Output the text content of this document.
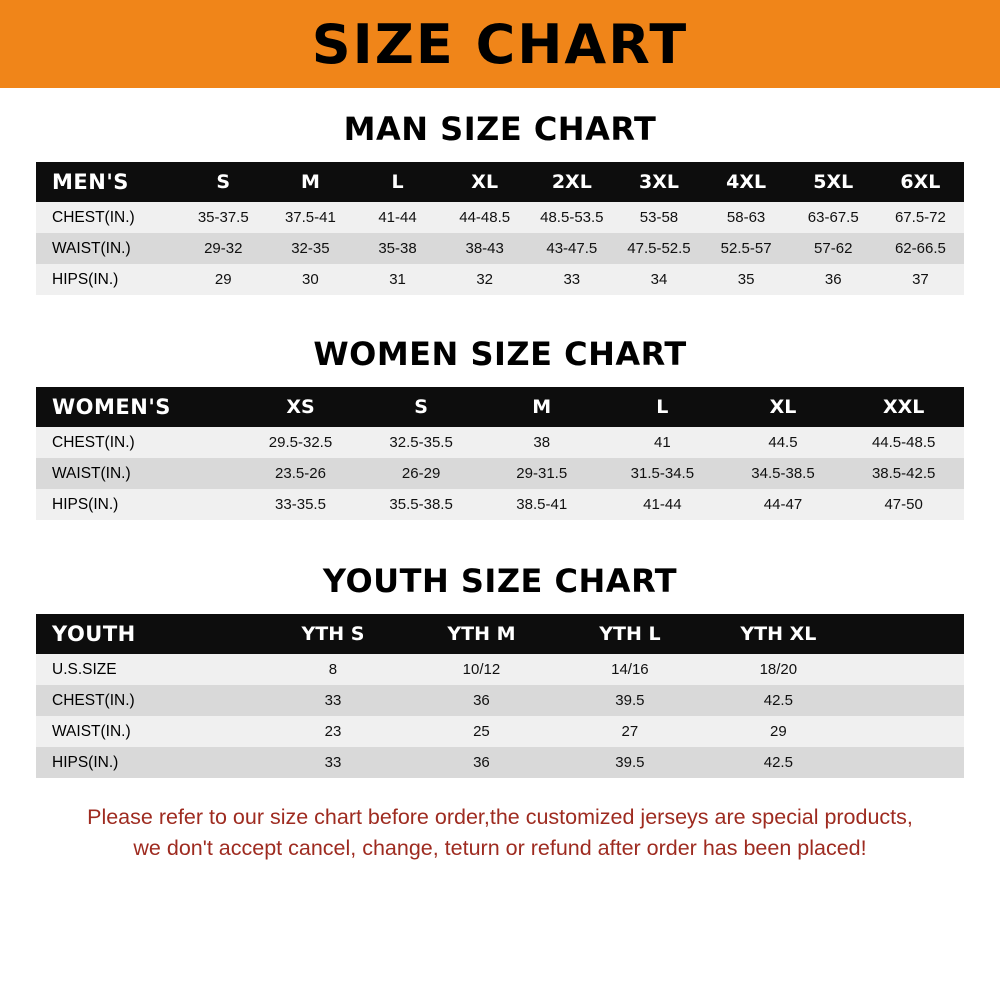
SIZE CHART
MAN SIZE CHART
MEN'S	S	M	L	XL	2XL	3XL	4XL	5XL	6XL
CHEST(IN.)	35-37.5	37.5-41	41-44	44-48.5	48.5-53.5	53-58	58-63	63-67.5	67.5-72
WAIST(IN.)	29-32	32-35	35-38	38-43	43-47.5	47.5-52.5	52.5-57	57-62	62-66.5
HIPS(IN.)	29	30	31	32	33	34	35	36	37
WOMEN SIZE CHART
WOMEN'S	XS	S	M	L	XL	XXL
CHEST(IN.)	29.5-32.5	32.5-35.5	38	41	44.5	44.5-48.5
WAIST(IN.)	23.5-26	26-29	29-31.5	31.5-34.5	34.5-38.5	38.5-42.5
HIPS(IN.)	33-35.5	35.5-38.5	38.5-41	41-44	44-47	47-50
YOUTH SIZE CHART
YOUTH	YTH S	YTH M	YTH L	YTH XL	
U.S.SIZE	8	10/12	14/16	18/20	
CHEST(IN.)	33	36	39.5	42.5	
WAIST(IN.)	23	25	27	29	
HIPS(IN.)	33	36	39.5	42.5	
Please refer to our size chart before order,the customized jerseys are special products,
we don't accept cancel, change, teturn or refund after order has been placed!
